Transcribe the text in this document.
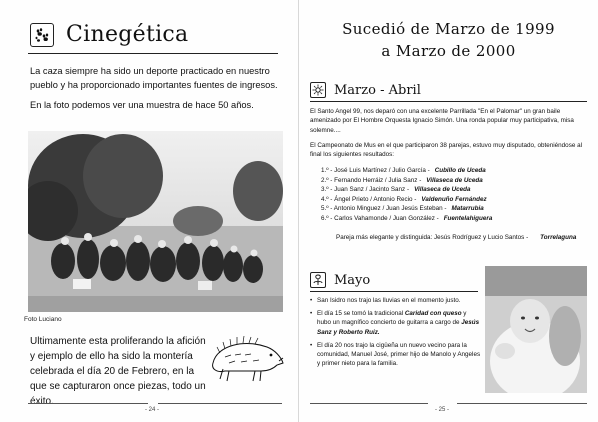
Cinegética
La caza siempre ha sido un deporte practicado en nuestro pueblo y ha proporcionado importantes fuentes de ingresos.
En la foto podemos ver una muestra de hace 50 años.
Foto Luciano
Ultimamente esta proliferando la afición y ejemplo de ello ha sido la montería celebrada el día 20 de Febrero, en la que se capturaron once piezas, todo un éxito.
- 24 -
Sucedió de Marzo de 1999
a Marzo de 2000
Marzo - Abril
El Santo Angel 99, nos deparó con una excelente Parrillada "En el Palomar" un gran baile amenizado por El Hombre Orquesta Ignacio Simón. Una ronda popular muy participativa, misa solemne....
El Campeonato de Mus en el que participaron 38 parejas, estuvo muy disputado, obteniéndose al final los siguientes resultados:
1.º - José Luis Martínez / Julio García - Cubillo de Uceda
2.º - Fernando Herráiz / Julia Sanz - Villaseca de Uceda
3.º - Juan Sanz / Jacinto Sanz - Villaseca de Uceda
4.º - Ángel Prieto / Antonio Recio - Valdenuño Fernández
5.º - Antonio Minguez / Juan Jesús Esteban - Matarrubia
6.º - Carlos Vahamonde / Juan González - Fuentelahiguera
Pareja más elegante y distinguida: Jesús Rodríguez y Lucio Santos - Torrelaguna
Mayo
• San Isidro nos trajo las lluvias en el momento justo.
• El día 15 se tomó la tradicional Caridad con queso y hubo un magnífico concierto de guitarra a cargo de Jesús Sanz y Roberto Ruiz.
• El día 20 nos trajo la cigüeña un nuevo vecino para la comunidad, Manuel José, primer hijo de Manolo y Angeles y primer nieto para la familia.
- 25 -
